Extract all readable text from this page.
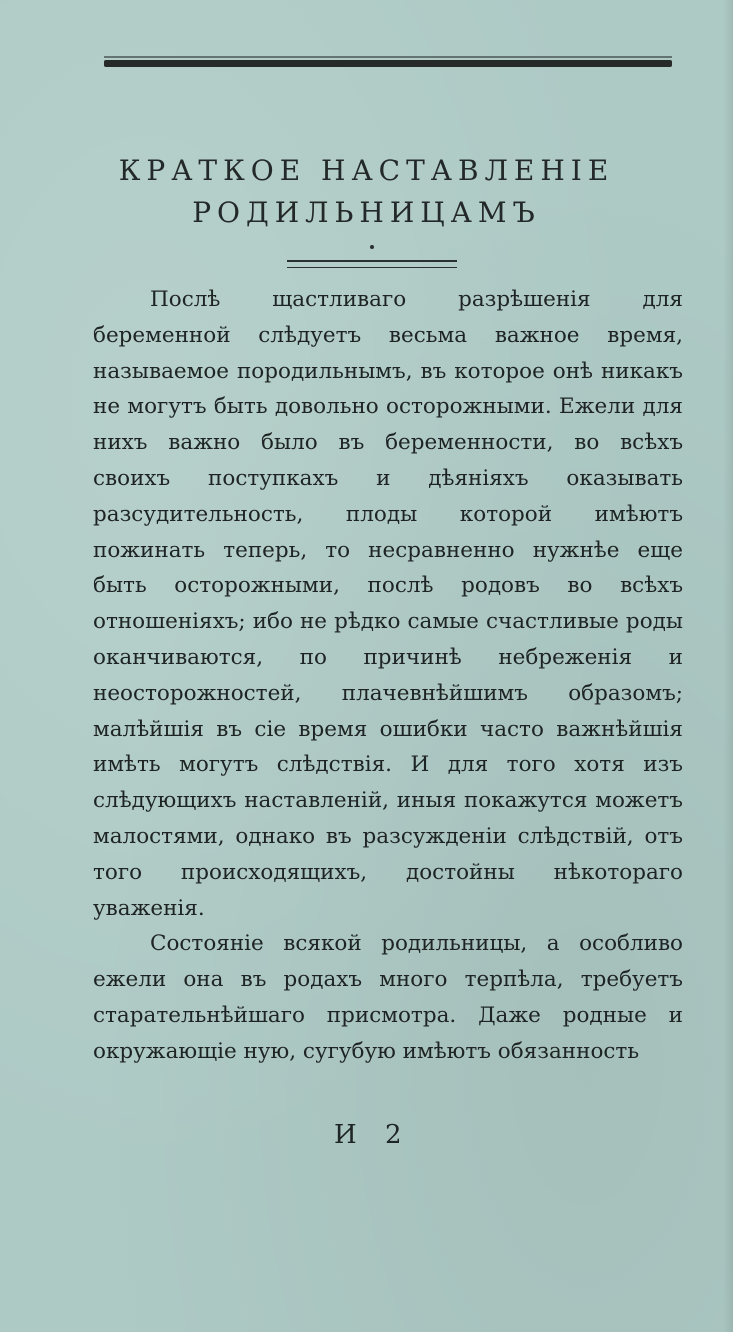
КРАТКОЕ НАСТАВЛЕНІЕ
РОДИЛЬНИЦАМЪ

Послѣ щастливаго разрѣшенія для беременной слѣдуетъ весьма важное время, называемое породильнымъ, въ которое онѣ никакъ не могутъ быть довольно осторожными. Ежели для нихъ важно было въ беременности, во всѣхъ своихъ поступкахъ и дѣяніяхъ оказывать разсудительность, плоды которой имѣютъ пожинать теперь, то несравненно нужнѣе еще быть осторожными, послѣ родовъ во всѣхъ отношеніяхъ; ибо не рѣдко самые счастливые роды оканчиваются, по причинѣ небреженія и неосторожностей, плачевнѣйшимъ образомъ; малѣйшія въ сіе время ошибки часто важнѣйшія имѣть могутъ слѣдствія. И для того хотя изъ слѣдующихъ наставленій, иныя покажутся можетъ малостями, однако въ разсужденіи слѣдствій, отъ того происходящихъ, достойны нѣкотораго уваженія.

Состояніе всякой родильницы, а особливо ежели она въ родахъ много терпѣла, требуетъ старательнѣйшаго присмотра. Даже родные и окружающіе ную, сугубую имѣютъ обязанность

И 2
